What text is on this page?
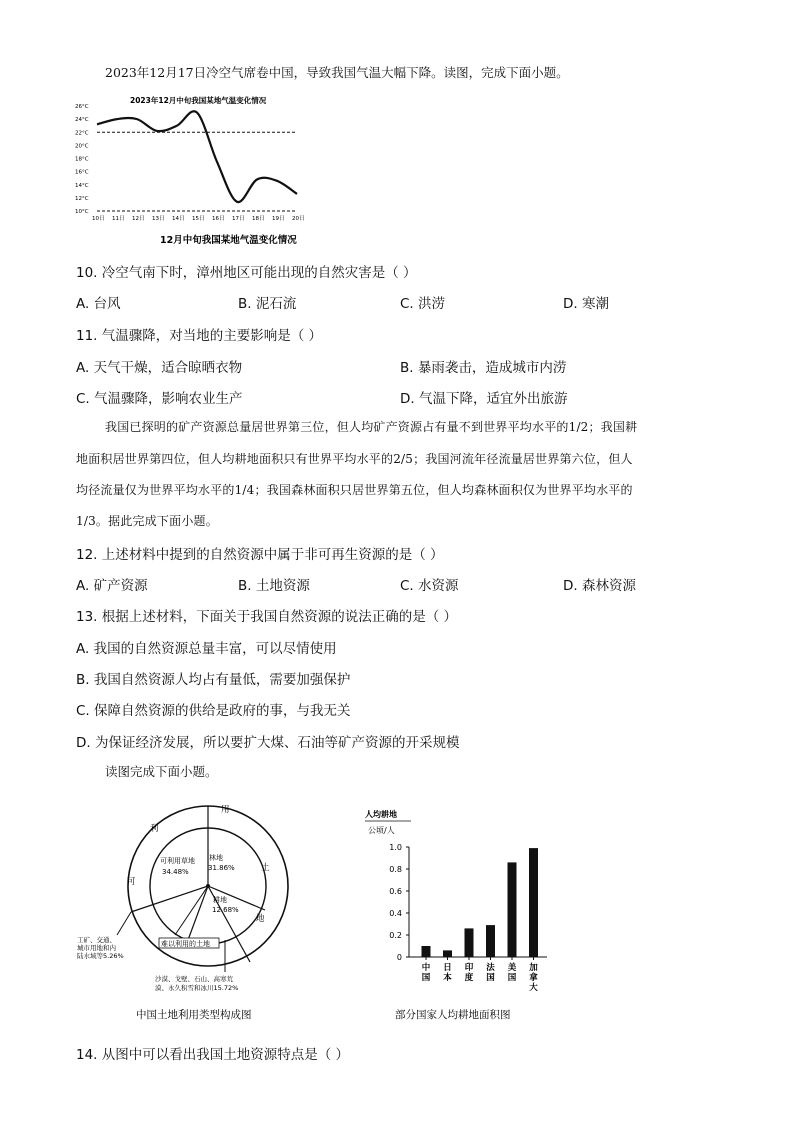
2023年12月17日冷空气席卷中国，导致我国气温大幅下降。读图，完成下面小题。
2023年12月中旬我国某地气温变化情况
10°C
12°C
14°C
16°C
18°C
20°C
22°C
24°C
26°C
10日 11日 12日 13日 14日 15日 16日 17日 18日 19日 20日
12月中旬我国某地气温变化情况
10. 冷空气南下时，漳州地区可能出现的自然灾害是（ ）
A. 台风	B. 泥石流	C. 洪涝	D. 寒潮
11. 气温骤降，对当地的主要影响是（ ）
A. 天气干燥，适合晾晒衣物	B. 暴雨袭击，造成城市内涝
C. 气温骤降，影响农业生产	D. 气温下降，适宜外出旅游
我国已探明的矿产资源总量居世界第三位，但人均矿产资源占有量不到世界平均水平的1/2；我国耕
地面积居世界第四位，但人均耕地面积只有世界平均水平的2/5；我国河流年径流量居世界第六位，但人
均径流量仅为世界平均水平的1/4；我国森林面积只居世界第五位，但人均森林面积仅为世界平均水平的
1/3。据此完成下面小题。
12. 上述材料中提到的自然资源中属于非可再生资源的是（ ）
A. 矿产资源	B. 土地资源	C. 水资源	D. 森林资源
13. 根据上述材料，下面关于我国自然资源的说法正确的是（ ）
A. 我国的自然资源总量丰富，可以尽情使用
B. 我国自然资源人均占有量低，需要加强保护
C. 保障自然资源的供给是政府的事，与我无关
D. 为保证经济发展，所以要扩大煤、石油等矿产资源的开采规模
读图完成下面小题。
用
土
地
利
可
可利用草地
34.48%
林地
31.86%
耕地
12.68%
难以利用的土地
工矿、交通、
城市用地和内
陆水域等5.26%
沙漠、戈壁、石山、高寒荒
漠、永久积雪和冰川15.72%
中国土地利用类型构成图
人均耕地
公顷/人
0
0.2
0.4
0.6
0.8
1.0
中国
日本
印度
法国
美国
加拿大
部分国家人均耕地面积图
14. 从图中可以看出我国土地资源特点是（ ）
